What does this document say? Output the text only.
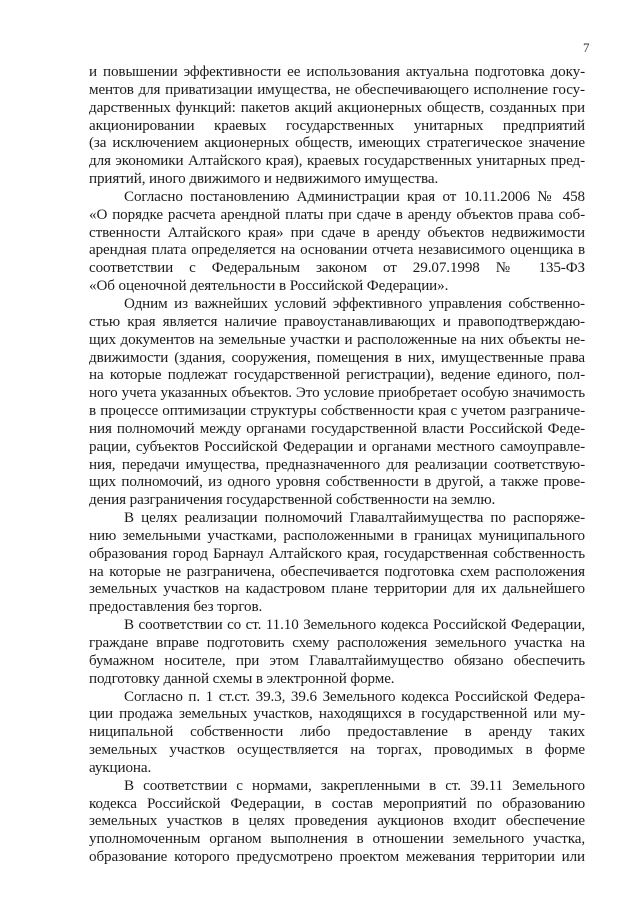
7
и повышении эффективности ее использования актуальна подготовка доку-
ментов для приватизации имущества, не обеспечивающего исполнение госу-
дарственных функций: пакетов акций акционерных обществ, созданных при
акционировании краевых государственных унитарных предприятий
(за исключением акционерных обществ, имеющих стратегическое значение
для экономики Алтайского края), краевых государственных унитарных пред-
приятий, иного движимого и недвижимого имущества.
Согласно постановлению Администрации края от 10.11.2006 № 458
«О порядке расчета арендной платы при сдаче в аренду объектов права соб-
ственности Алтайского края» при сдаче в аренду объектов недвижимости
арендная плата определяется на основании отчета независимого оценщика в
соответствии с Федеральным законом от 29.07.1998 № 135-ФЗ
«Об оценочной деятельности в Российской Федерации».
Одним из важнейших условий эффективного управления собственно-
стью края является наличие правоустанавливающих и правоподтверждаю-
щих документов на земельные участки и расположенные на них объекты не-
движимости (здания, сооружения, помещения в них, имущественные права
на которые подлежат государственной регистрации), ведение единого, пол-
ного учета указанных объектов. Это условие приобретает особую значимость
в процессе оптимизации структуры собственности края с учетом разграниче-
ния полномочий между органами государственной власти Российской Феде-
рации, субъектов Российской Федерации и органами местного самоуправле-
ния, передачи имущества, предназначенного для реализации соответствую-
щих полномочий, из одного уровня собственности в другой, а также прове-
дения разграничения государственной собственности на землю.
В целях реализации полномочий Главалтайимущества по распоряже-
нию земельными участками, расположенными в границах муниципального
образования город Барнаул Алтайского края, государственная собственность
на которые не разграничена, обеспечивается подготовка схем расположения
земельных участков на кадастровом плане территории для их дальнейшего
предоставления без торгов.
В соответствии со ст. 11.10 Земельного кодекса Российской Федерации,
граждане вправе подготовить схему расположения земельного участка на
бумажном носителе, при этом Главалтайимущество обязано обеспечить
подготовку данной схемы в электронной форме.
Согласно п. 1 ст.ст. 39.3, 39.6 Земельного кодекса Российской Федера-
ции продажа земельных участков, находящихся в государственной или му-
ниципальной собственности либо предоставление в аренду таких
земельных участков осуществляется на торгах, проводимых в форме
аукциона.
В соответствии с нормами, закрепленными в ст. 39.11 Земельного
кодекса Российской Федерации, в состав мероприятий по образованию
земельных участков в целях проведения аукционов входит обеспечение
уполномоченным органом выполнения в отношении земельного участка,
образование которого предусмотрено проектом межевания территории или
